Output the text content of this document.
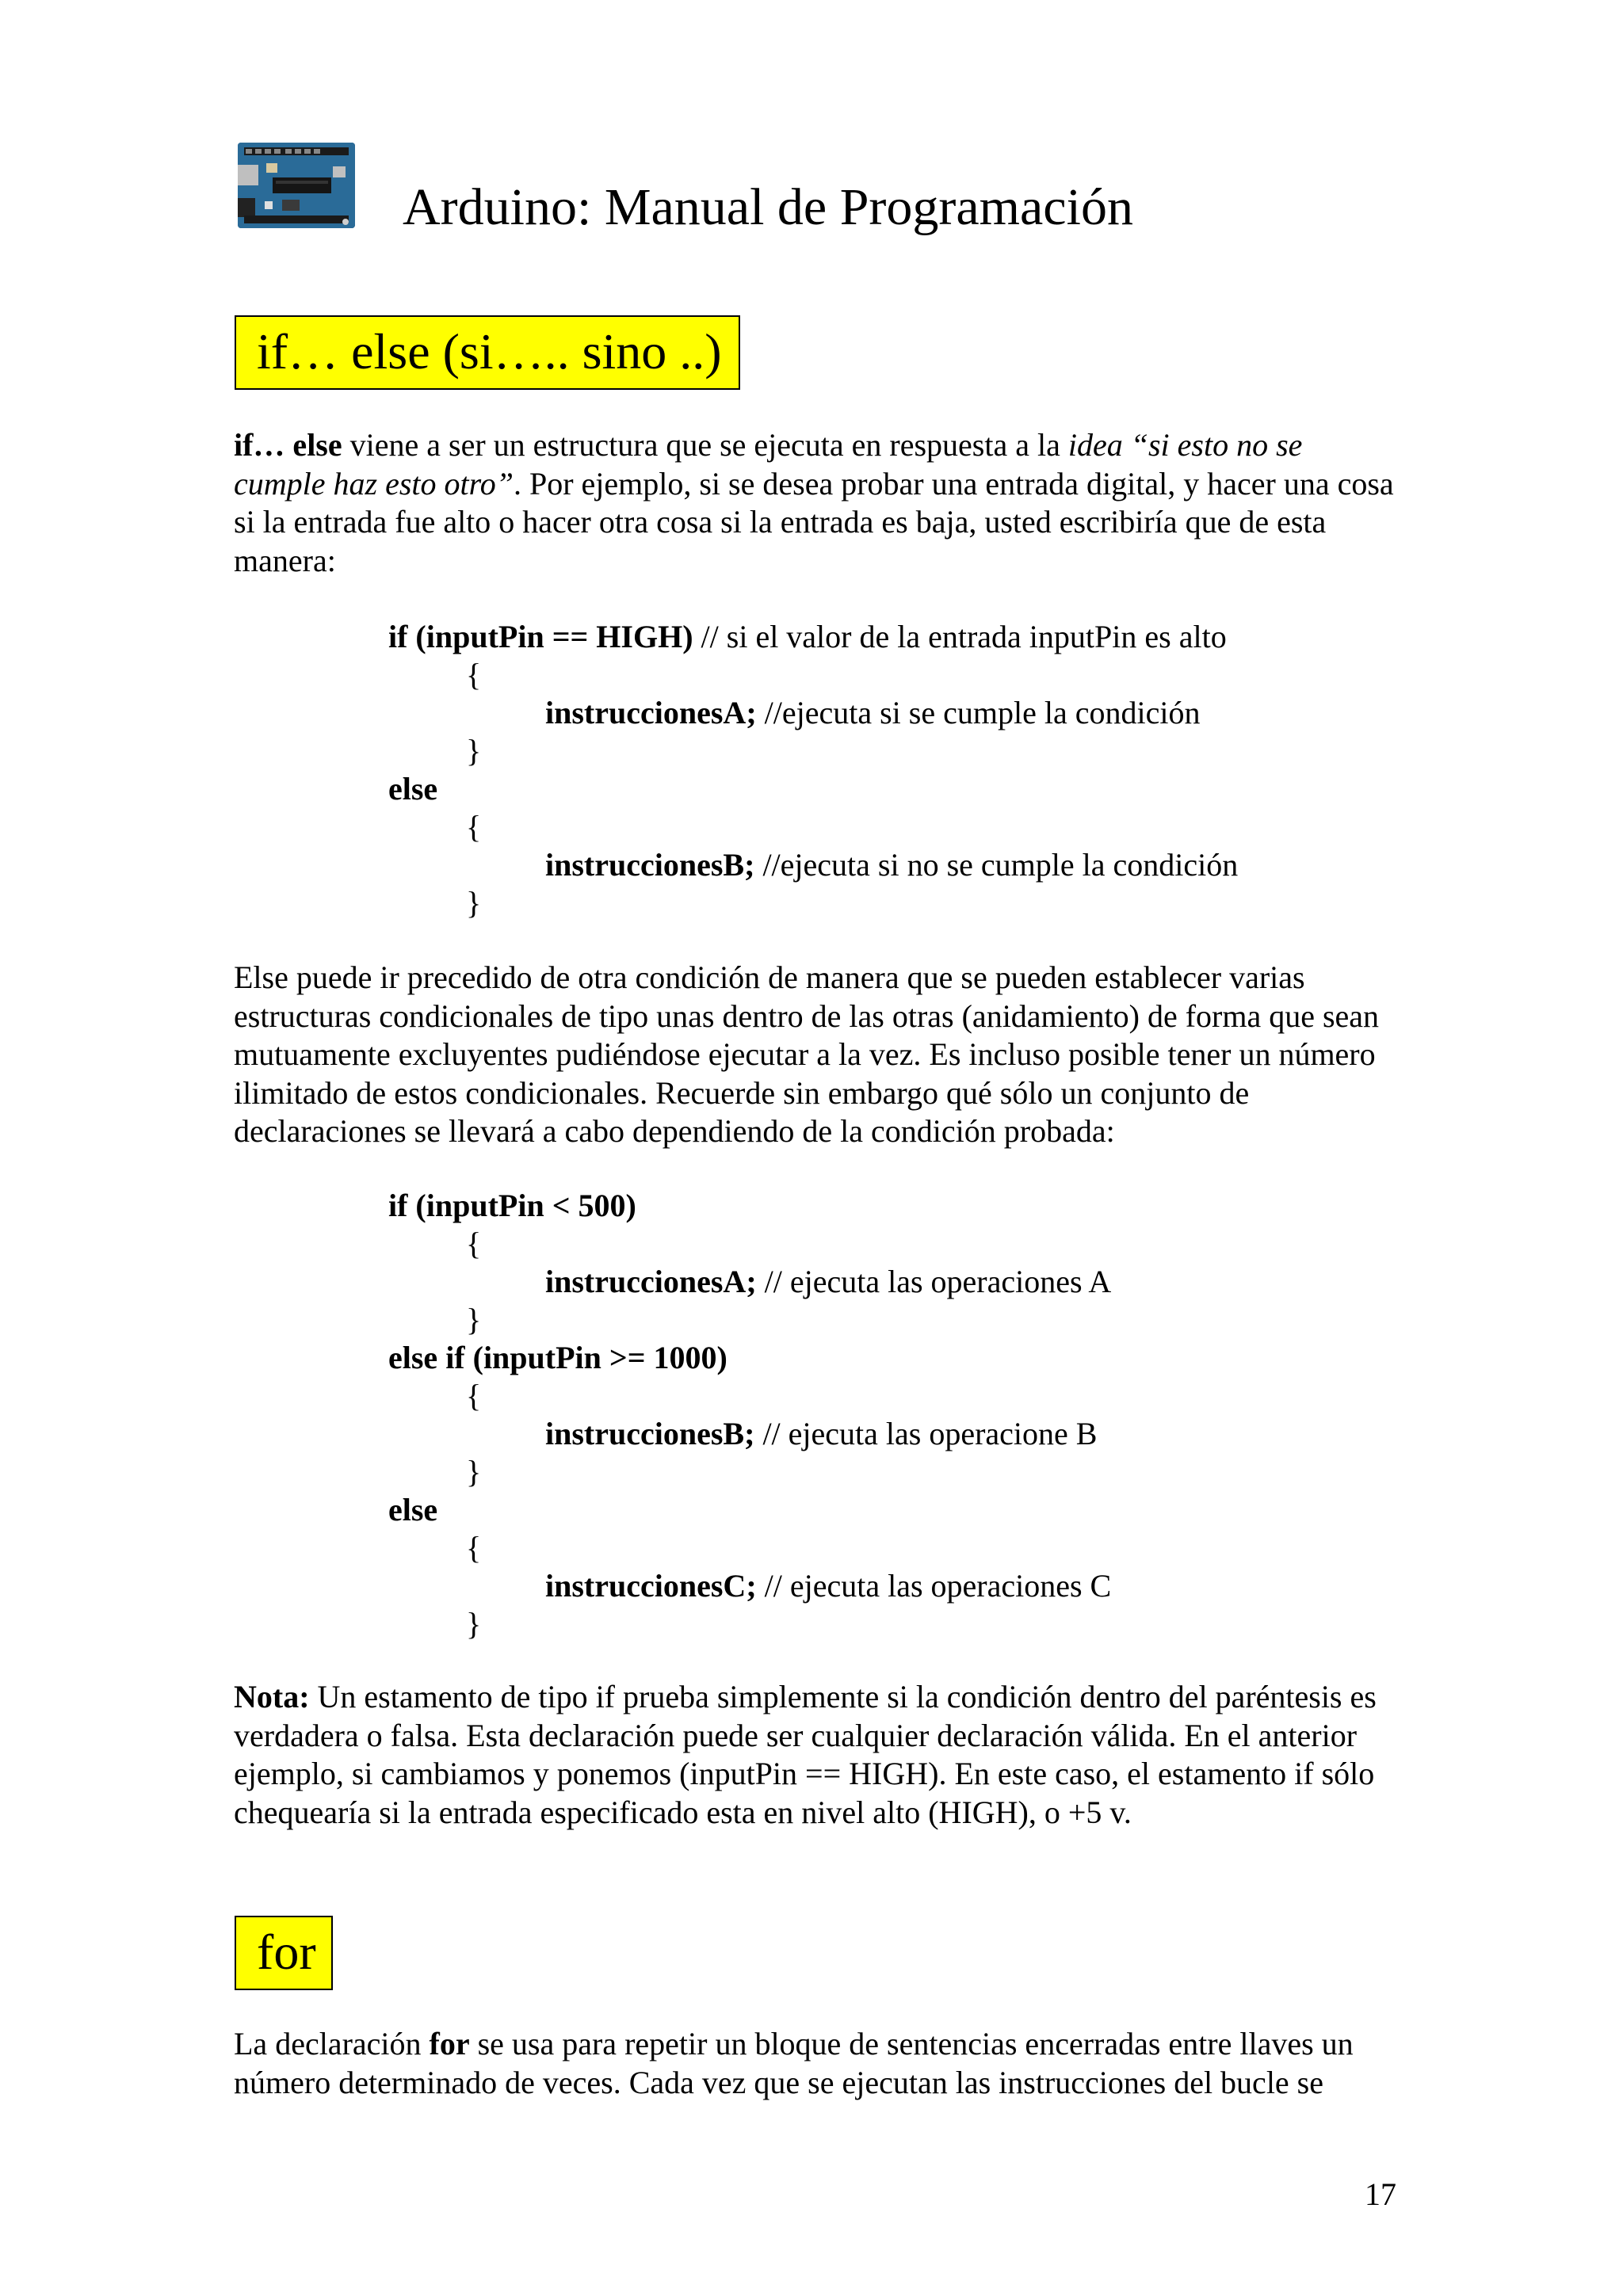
Arduino: Manual de Programación
if… else (si….. sino ..)
if… else viene a ser un estructura que se ejecuta en respuesta a la idea “si esto no se cumple haz esto otro”. Por ejemplo, si se desea probar una entrada digital, y hacer una cosa si la entrada fue alto o hacer otra cosa si la entrada es baja, usted escribiría que de esta manera:
if (inputPin == HIGH) // si el valor de la entrada inputPin es alto
{
instruccionesA; //ejecuta si se cumple la condición
}
else
{
instruccionesB; //ejecuta si no se cumple la condición
}
Else puede ir precedido de otra condición de manera que se pueden establecer varias estructuras condicionales de tipo unas dentro de las otras (anidamiento) de forma que sean mutuamente excluyentes pudiéndose ejecutar a la vez. Es incluso posible tener un número ilimitado de estos condicionales. Recuerde sin embargo qué sólo un conjunto de declaraciones se llevará a cabo dependiendo de la condición probada:
if (inputPin < 500)
{
instruccionesA; // ejecuta las operaciones A
}
else if (inputPin >= 1000)
{
instruccionesB; // ejecuta las operacione B
}
else
{
instruccionesC; // ejecuta las operaciones C
}
Nota: Un estamento de tipo if prueba simplemente si la condición dentro del paréntesis es verdadera o falsa. Esta declaración puede ser cualquier declaración válida. En el anterior ejemplo, si cambiamos y ponemos (inputPin == HIGH). En este caso, el estamento if sólo chequearía si la entrada especificado esta en nivel alto (HIGH), o +5 v.
for
La declaración for se usa para repetir un bloque de sentencias encerradas entre llaves un número determinado de veces. Cada vez que se ejecutan las instrucciones del bucle se
17
